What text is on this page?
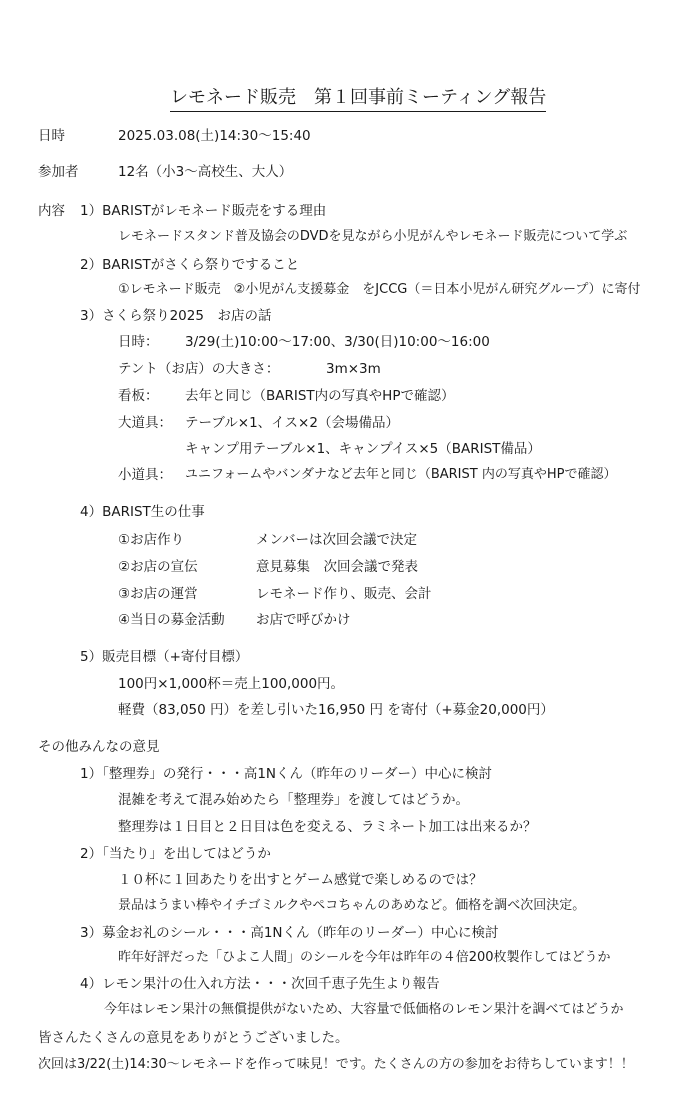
レモネード販売　第１回事前ミーティング報告
日時	2025.03.08(土)14:30～15:40
参加者	12名（小3～高校生、大人）
内容 1）BARISTがレモネード販売をする理由
レモネードスタンド普及協会のDVDを見ながら小児がんやレモネード販売について学ぶ
2）BARISTがさくら祭りですること
①レモネード販売　②小児がん支援募金　をJCCG（＝日本小児がん研究グループ）に寄付
3）さくら祭り2025　お店の話
日時： 3/29(土)10:00～17:00、3/30(日)10:00～16:00
テント（お店）の大きさ：	3m×3m
看板： 去年と同じ（BARIST内の写真やHPで確認）
大道具： テーブル×1、イス×2（会場備品）
キャンプ用テーブル×1、キャンプイス×5（BARIST備品）
小道具： ユニフォームやバンダナなど去年と同じ（BARIST 内の写真やHPで確認）
4）BARIST生の仕事
①お店作り	メンバーは次回会議で決定
②お店の宣伝	意見募集　次回会議で発表
③お店の運営	レモネード作り、販売、会計
④当日の募金活動 お店で呼びかけ
5）販売目標（+寄付目標）
100円×1,000杯＝売上100,000円。
軽費（83,050 円）を差し引いた16,950 円 を寄付（+募金20,000円）
その他みんなの意見
1）「整理券」の発行・・・高1Nくん（昨年のリーダー）中心に検討
混雑を考えて混み始めたら「整理券」を渡してはどうか。
整理券は１日目と２日目は色を変える、ラミネート加工は出来るか？
2）「当たり」を出してはどうか
１０杯に１回あたりを出すとゲーム感覚で楽しめるのでは？
景品はうまい棒やイチゴミルクやペコちゃんのあめなど。価格を調べ次回決定。
3）募金お礼のシール・・・高1Nくん（昨年のリーダー）中心に検討
昨年好評だった「ひよこ人間」のシールを今年は昨年の４倍200枚製作してはどうか
4）レモン果汁の仕入れ方法・・・次回千恵子先生より報告
今年はレモン果汁の無償提供がないため、大容量で低価格のレモン果汁を調べてはどうか
皆さんたくさんの意見をありがとうございました。
次回は3/22(土)14:30～レモネードを作って味見！です。たくさんの方の参加をお待ちしています！！
